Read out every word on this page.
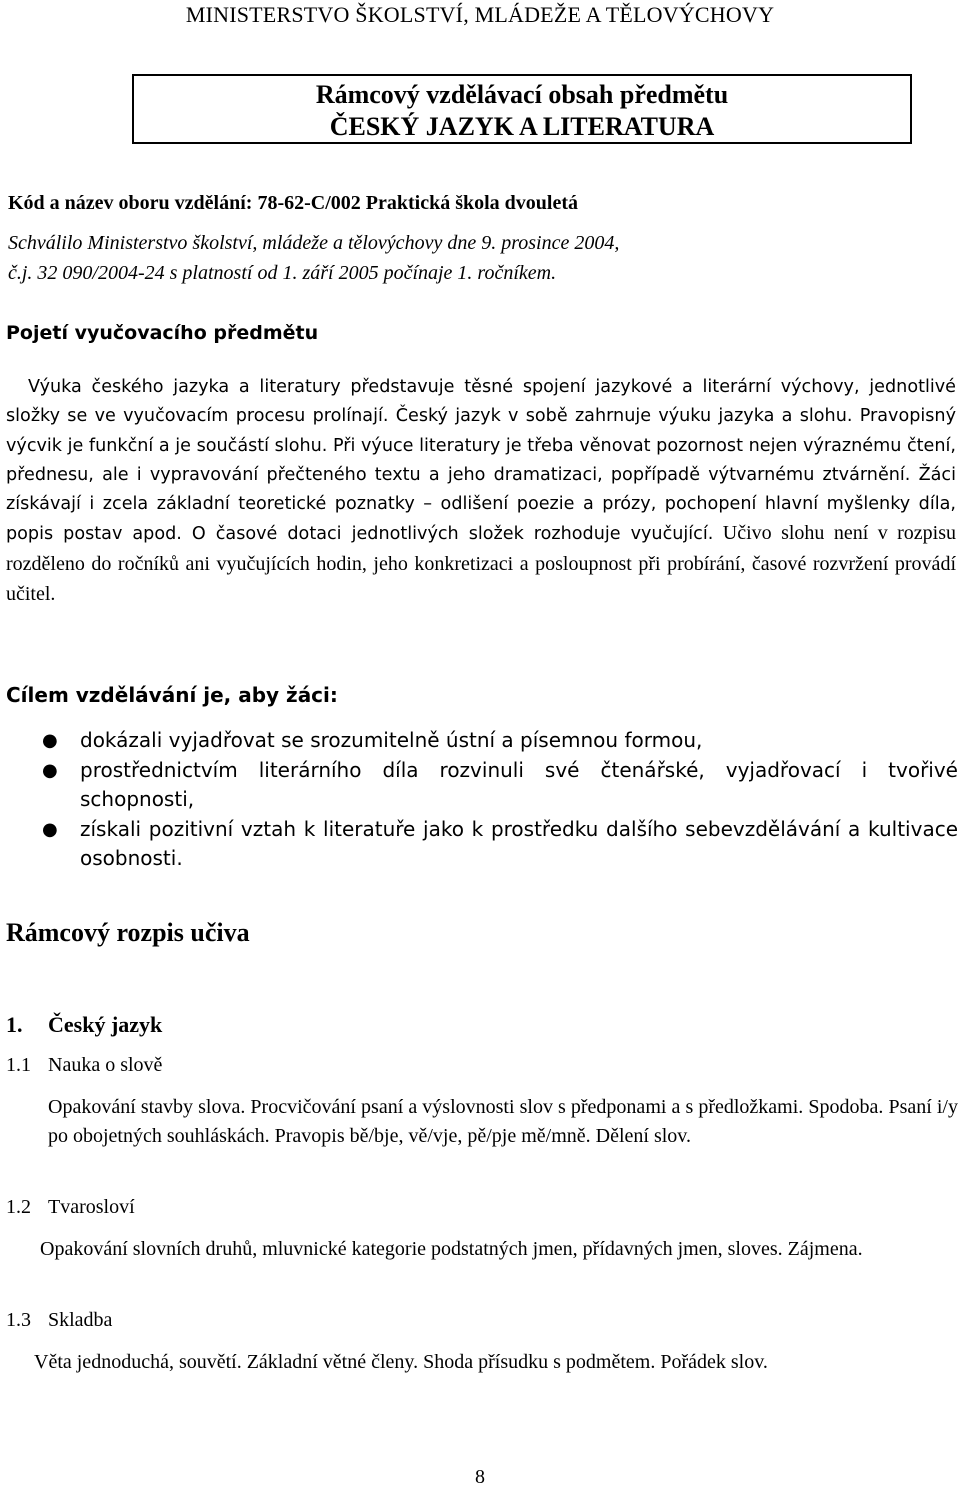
MINISTERSTVO ŠKOLSTVÍ, MLÁDEŽE A TĚLOVÝCHOVY
Rámcový vzdělávací obsah předmětu
ČESKÝ JAZYK A LITERATURA
Kód a název oboru vzdělání: 78-62-C/002 Praktická škola dvouletá
Schválilo Ministerstvo školství, mládeže a tělovýchovy dne 9. prosince 2004,
č.j. 32 090/2004-24 s platností od 1. září 2005 počínaje 1. ročníkem.
Pojetí vyučovacího předmětu
Výuka českého jazyka a literatury představuje těsné spojení jazykové a literární výchovy, jednotlivé složky se ve vyučovacím procesu prolínají. Český jazyk v sobě zahrnuje výuku jazyka a slohu. Pravopisný výcvik je funkční a je součástí slohu. Při výuce literatury je třeba věnovat pozornost nejen výraznému čtení, přednesu, ale i vypravování přečteného textu a jeho dramatizaci, popřípadě výtvarnému ztvárnění. Žáci získávají i zcela základní teoretické poznatky – odlišení poezie a prózy, pochopení hlavní myšlenky díla, popis postav apod. O časové dotaci jednotlivých složek rozhoduje vyučující. Učivo slohu není v rozpisu rozděleno do ročníků ani vyučujících hodin, jeho konkretizaci a posloupnost při probírání, časové rozvržení provádí učitel.
Cílem vzdělávání je, aby žáci:
● dokázali vyjadřovat se srozumitelně ústní a písemnou formou,
● prostřednictvím literárního díla rozvinuli své čtenářské, vyjadřovací i tvořivé schopnosti,
● získali pozitivní vztah k literatuře jako k prostředku dalšího sebevzdělávání a kultivace osobnosti.
Rámcový rozpis učiva
1. Český jazyk
1.1 Nauka o slově
Opakování stavby slova. Procvičování psaní a výslovnosti slov s předponami a s předložkami. Spodoba. Psaní i/y po obojetných souhláskách. Pravopis bě/bje, vě/vje, pě/pje mě/mně. Dělení slov.
1.2 Tvarosloví
Opakování slovních druhů, mluvnické kategorie podstatných jmen, přídavných jmen, sloves. Zájmena.
1.3 Skladba
Věta jednoduchá, souvětí. Základní větné členy. Shoda přísudku s podmětem. Pořádek slov.
8
